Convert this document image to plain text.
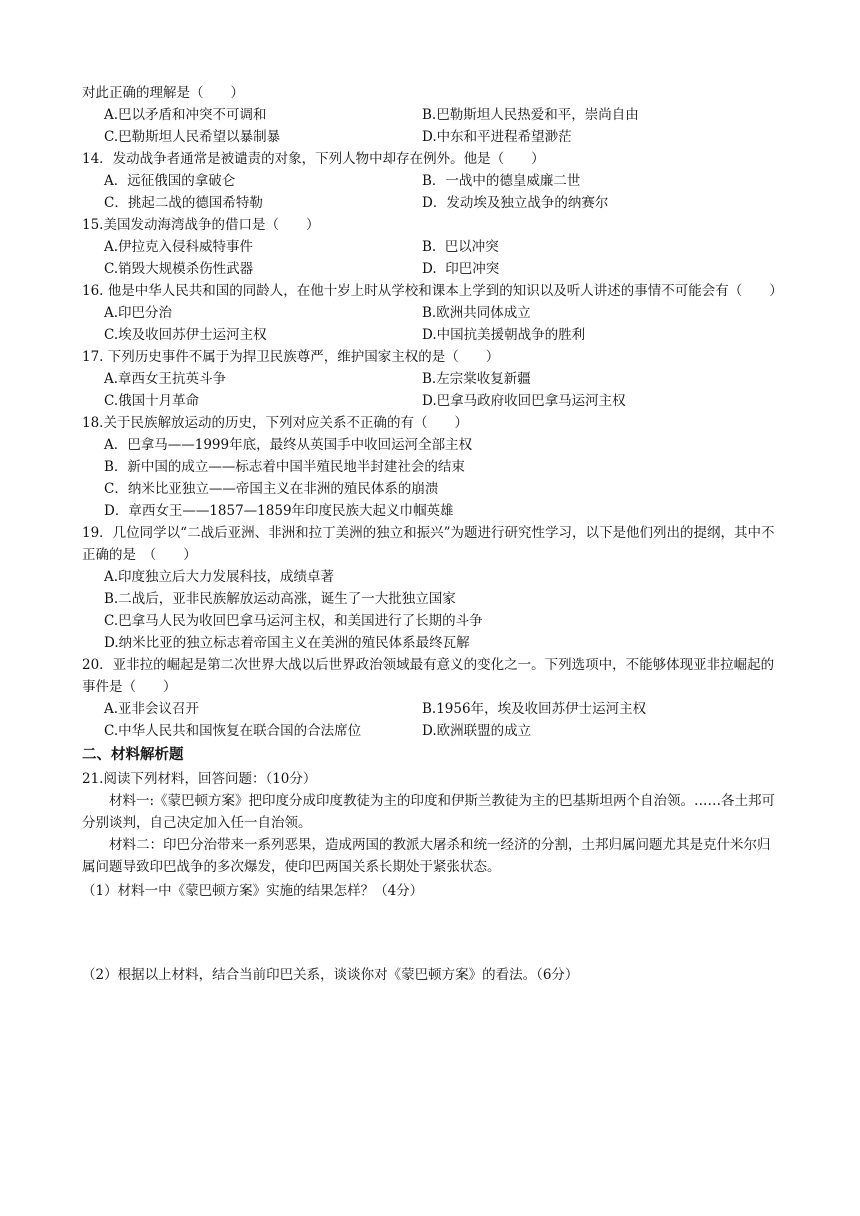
对此正确的理解是（　　）
A.巴以矛盾和冲突不可调和	B.巴勒斯坦人民热爱和平，崇尚自由
C.巴勒斯坦人民希望以暴制暴	D.中东和平进程希望渺茫
14．发动战争者通常是被谴责的对象，下列人物中却存在例外。他是（　　）
A．远征俄国的拿破仑	B．一战中的德皇威廉二世
C．挑起二战的德国希特勒	D．发动埃及独立战争的纳赛尔
15.美国发动海湾战争的借口是（　　）
A.伊拉克入侵科威特事件	B.  巴以冲突
C.销毁大规模杀伤性武器	D.  印巴冲突
16. 他是中华人民共和国的同龄人，在他十岁上时从学校和课本上学到的知识以及听人讲述的事情不可能会有（　　）
A.印巴分治	B.欧洲共同体成立
C.埃及收回苏伊士运河主权	D.中国抗美援朝战争的胜利
17. 下列历史事件不属于为捍卫民族尊严，维护国家主权的是（　　）
A.章西女王抗英斗争	B.左宗棠收复新疆
C.俄国十月革命	D.巴拿马政府收回巴拿马运河主权
18.关于民族解放运动的历史，下列对应关系不正确的有（　　）
A．巴拿马——1999年底，最终从英国手中收回运河全部主权
B．新中国的成立——标志着中国半殖民地半封建社会的结束
C．纳米比亚独立——帝国主义在非洲的殖民体系的崩溃
D．章西女王——1857—1859年印度民族大起义巾帼英雄
19．几位同学以“二战后亚洲、非洲和拉丁美洲的独立和振兴”为题进行研究性学习，以下是他们列出的提纲，其中不正确的是　（　　）
A.印度独立后大力发展科技，成绩卓著
B.二战后，亚非民族解放运动高涨，诞生了一大批独立国家
C.巴拿马人民为收回巴拿马运河主权，和美国进行了长期的斗争
D.纳米比亚的独立标志着帝国主义在美洲的殖民体系最终瓦解
20．亚非拉的崛起是第二次世界大战以后世界政治领域最有意义的变化之一。下列选项中，不能够体现亚非拉崛起的事件是（　　）
A.亚非会议召开	B.1956年，埃及收回苏伊士运河主权
C.中华人民共和国恢复在联合国的合法席位	D.欧洲联盟的成立
二、材料解析题
21.阅读下列材料，回答问题：（10分）
材料一:《蒙巴顿方案》把印度分成印度教徒为主的印度和伊斯兰教徒为主的巴基斯坦两个自治领。……各土邦可分别谈判，自己决定加入任一自治领。
材料二：印巴分治带来一系列恶果，造成两国的教派大屠杀和统一经济的分割，土邦归属问题尤其是克什米尔归属问题导致印巴战争的多次爆发，使印巴两国关系长期处于紧张状态。
（1）材料一中《蒙巴顿方案》实施的结果怎样？（4分）
（2）根据以上材料，结合当前印巴关系，谈谈你对《蒙巴顿方案》的看法。（6分）
